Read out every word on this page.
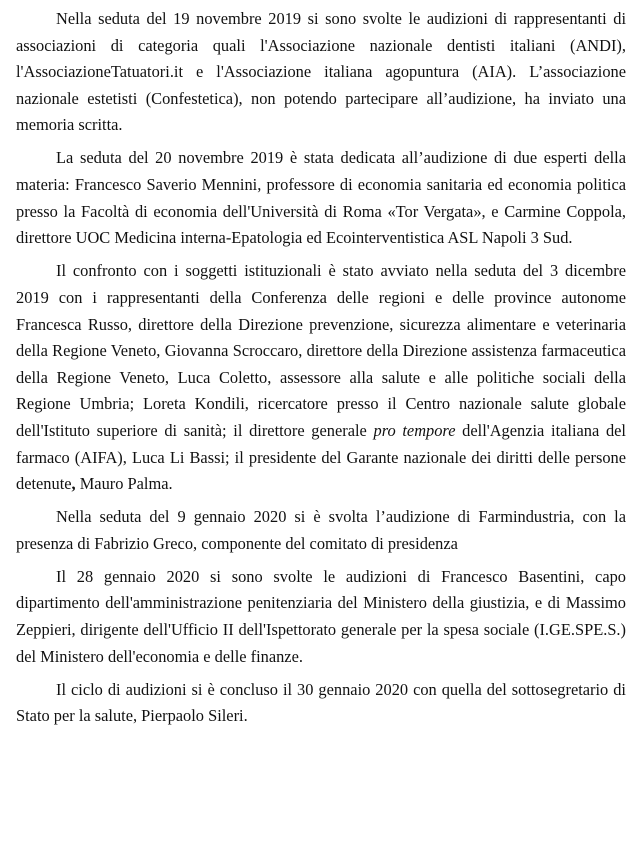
Nella seduta del 19 novembre 2019 si sono svolte le audizioni di rappresentanti di associazioni di categoria quali l'Associazione nazionale dentisti italiani (ANDI), l'AssociazioneTatuatori.it e l'Associazione italiana agopuntura (AIA). L’associazione nazionale estetisti (Confestetica), non potendo partecipare all’audizione, ha inviato una memoria scritta.

La seduta del 20 novembre 2019 è stata dedicata all’audizione di due esperti della materia: Francesco Saverio Mennini, professore di economia sanitaria ed economia politica presso la Facoltà di economia dell'Università di Roma «Tor Vergata», e Carmine Coppola, direttore UOC Medicina interna-Epatologia ed Ecointerventistica ASL Napoli 3 Sud.

Il confronto con i soggetti istituzionali è stato avviato nella seduta del 3 dicembre 2019 con i rappresentanti della Conferenza delle regioni e delle province autonome Francesca Russo, direttore della Direzione prevenzione, sicurezza alimentare e veterinaria della Regione Veneto, Giovanna Scroccaro, direttore della Direzione assistenza farmaceutica della Regione Veneto, Luca Coletto, assessore alla salute e alle politiche sociali della Regione Umbria; Loreta Kondili, ricercatore presso il Centro nazionale salute globale dell'Istituto superiore di sanità; il direttore generale pro tempore dell'Agenzia italiana del farmaco (AIFA), Luca Li Bassi; il presidente del Garante nazionale dei diritti delle persone detenute, Mauro Palma.

Nella seduta del 9 gennaio 2020 si è svolta l’audizione di Farmindustria, con la presenza di Fabrizio Greco, componente del comitato di presidenza

Il 28 gennaio 2020 si sono svolte le audizioni di Francesco Basentini, capo dipartimento dell'amministrazione penitenziaria del Ministero della giustizia, e di Massimo Zeppieri, dirigente dell'Ufficio II dell'Ispettorato generale per la spesa sociale (I.GE.SPE.S.) del Ministero dell'economia e delle finanze.

Il ciclo di audizioni si è concluso il 30 gennaio 2020 con quella del sottosegretario di Stato per la salute, Pierpaolo Sileri.
